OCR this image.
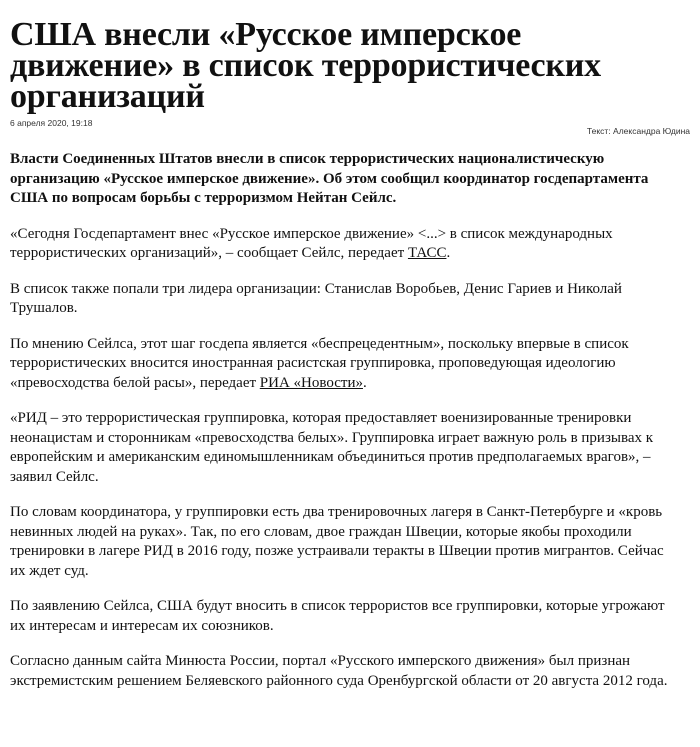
США внесли «Русское имперское движение» в список террористических организаций
6 апреля 2020, 19:18
Текст: Александра Юдина

Власти Соединенных Штатов внесли в список террористических националистическую организацию «Русское имперское движение». Об этом сообщил координатор госдепартамента США по вопросам борьбы с терроризмом Нейтан Сейлс.

«Сегодня Госдепартамент внес «Русское имперское движение» <...> в список международных террористических организаций», – сообщает Сейлс, передает ТАСС.

В список также попали три лидера организации: Станислав Воробьев, Денис Гариев и Николай Трушалов.

По мнению Сейлса, этот шаг госдепа является «беспрецедентным», поскольку впервые в список террористических вносится иностранная расистская группировка, проповедующая идеологию «превосходства белой расы», передает РИА «Новости».

«РИД – это террористическая группировка, которая предоставляет военизированные тренировки неонацистам и сторонникам «превосходства белых». Группировка играет важную роль в призывах к европейским и американским единомышленникам объединиться против предполагаемых врагов», – заявил Сейлс.

По словам координатора, у группировки есть два тренировочных лагеря в Санкт-Петербурге и «кровь невинных людей на руках». Так, по его словам, двое граждан Швеции, которые якобы проходили тренировки в лагере РИД в 2016 году, позже устраивали теракты в Швеции против мигрантов. Сейчас их ждет суд.

По заявлению Сейлса, США будут вносить в список террористов все группировки, которые угрожают их интересам и интересам их союзников.

Согласно данным сайта Минюста России, портал «Русского имперского движения» был признан экстремистским решением Беляевского районного суда Оренбургской области от 20 августа 2012 года.
